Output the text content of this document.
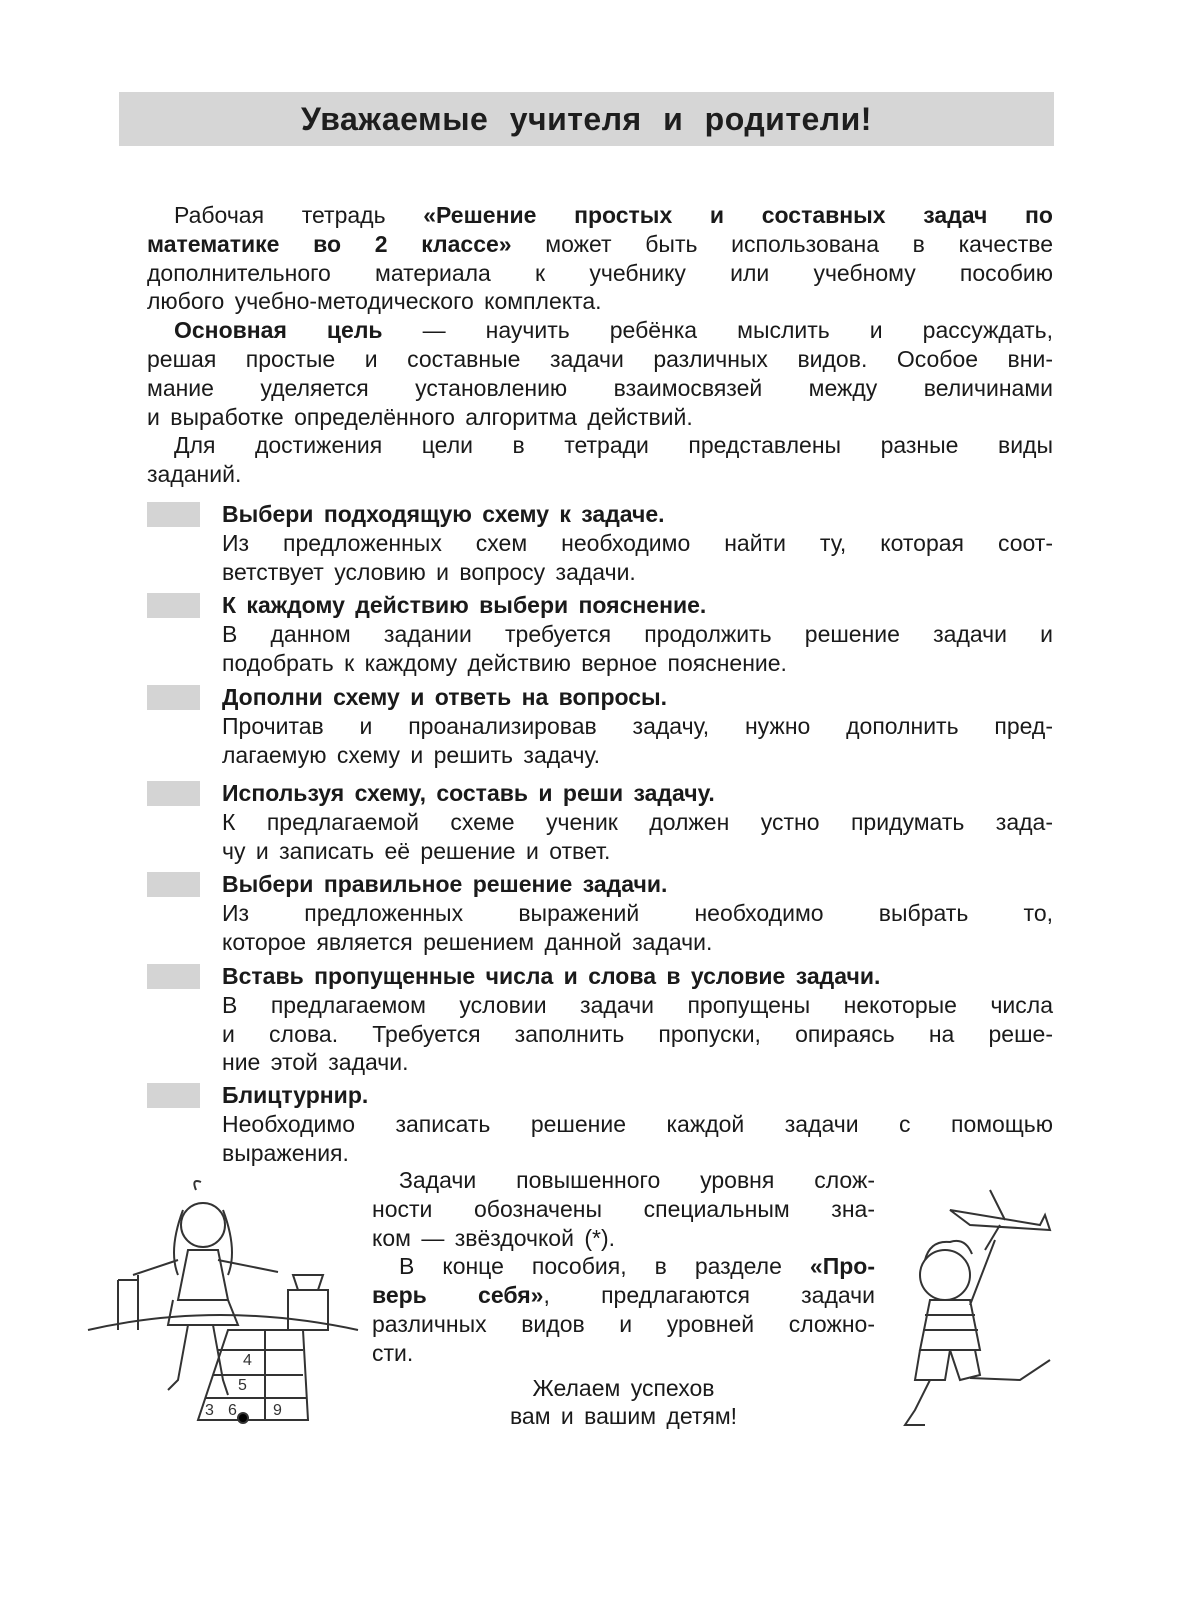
Уважаемые учителя и родители!
Рабочая тетрадь «Решение простых и составных задач по
математике во 2 классе» может быть использована в качестве
дополнительного материала к учебнику или учебному пособию
любого учебно-методического комплекта.
Основная цель — научить ребёнка мыслить и рассуждать,
решая простые и составные задачи различных видов. Особое вни-
мание уделяется установлению взаимосвязей между величинами
и выработке определённого алгоритма действий.
Для достижения цели в тетради представлены разные виды
заданий.
Выбери подходящую схему к задаче.
Из предложенных схем необходимо найти ту, которая соот-
ветствует условию и вопросу задачи.
К каждому действию выбери пояснение.
В данном задании требуется продолжить решение задачи и
подобрать к каждому действию верное пояснение.
Дополни схему и ответь на вопросы.
Прочитав и проанализировав задачу, нужно дополнить пред-
лагаемую схему и решить задачу.
Используя схему, составь и реши задачу.
К предлагаемой схеме ученик должен устно придумать зада-
чу и записать её решение и ответ.
Выбери правильное решение задачи.
Из предложенных выражений необходимо выбрать то,
которое является решением данной задачи.
Вставь пропущенные числа и слова в условие задачи.
В предлагаемом условии задачи пропущены некоторые числа
и слова. Требуется заполнить пропуски, опираясь на реше-
ние этой задачи.
Блицтурнир.
Необходимо записать решение каждой задачи с помощью
выражения.
Задачи повышенного уровня слож-
ности обозначены специальным зна-
ком — звёздочкой (*).
В конце пособия, в разделе «Про-
верь себя», предлагаются задачи
различных видов и уровней сложно-
сти.
Желаем успехов
вам и вашим детям!
4
5
6 9
3
